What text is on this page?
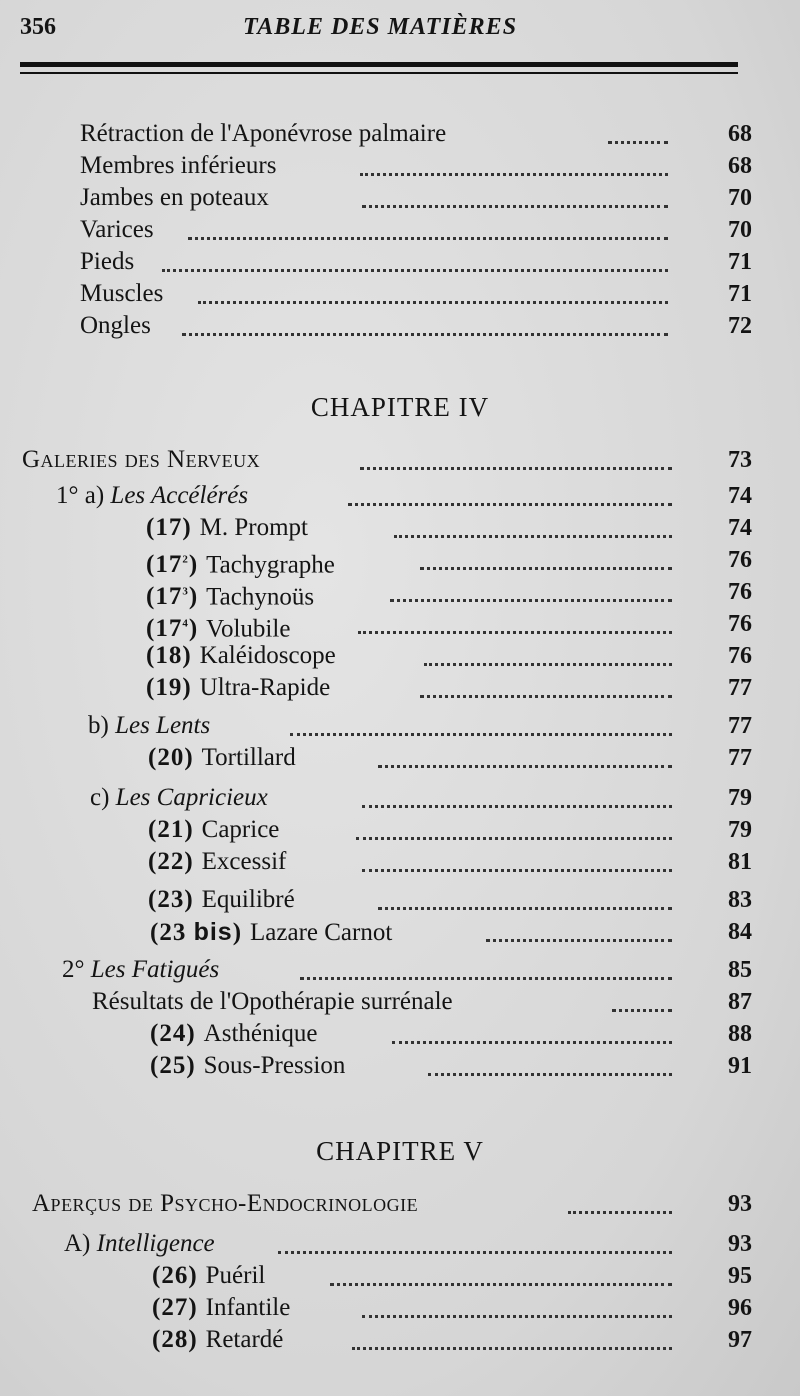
356	TABLE DES MATIÈRES
Rétraction de l'Aponévrose palmaire	68
Membres inférieurs	68
Jambes en poteaux	70
Varices	70
Pieds	71
Muscles	71
Ongles	72
CHAPITRE IV
Galeries des Nerveux	73
1° a) Les Accélérés	74
(17) M. Prompt	74
$(17^2)$ Tachygraphe	76
$(17^3)$ Tachynoüs	76
$(17^4)$ Volubile	76
(18) Kaléidoscope	76
(19) Ultra-Rapide	77
b) Les Lents	77
(20) Tortillard	77
c) Les Capricieux	79
(21) Caprice	79
(22) Excessif	81
(23) Equilibré	83
(23 bis) Lazare Carnot	84
2° Les Fatigués	85
Résultats de l'Opothérapie surrénale	87
(24) Asthénique	88
(25) Sous-Pression	91
CHAPITRE V
Aperçus de Psycho-Endocrinologie	93
A) Intelligence	93
(26) Puéril	95
(27) Infantile	96
(28) Retardé	97
